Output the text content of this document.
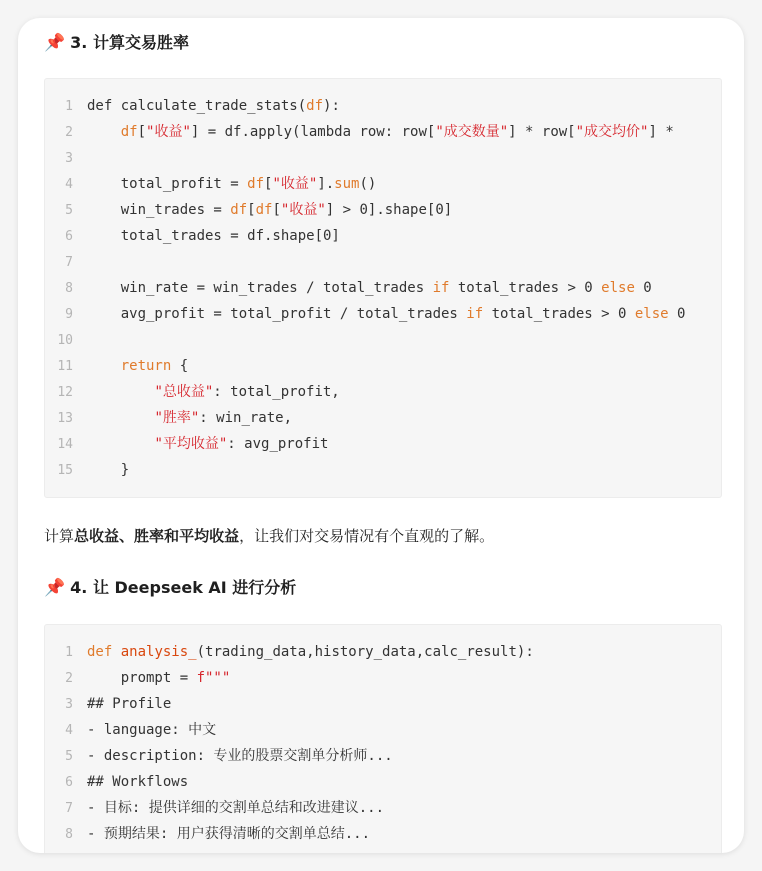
📌 3. 计算交易胜率
1 def calculate_trade_stats(df):
2	df["收益"] = df.apply(lambda row: row["成交数量"] * row["成交均价"] *
3
4    total_profit = df["收益"].sum()
5    win_trades = df[df["收益"] > 0].shape[0]
6    total_trades = df.shape[0]
7
8    win_rate = win_trades / total_trades if total_trades > 0 else 0
9    avg_profit = total_profit / total_trades if total_trades > 0 else 0
10
11	return {
12	"总收益": total_profit,
13	"胜率": win_rate,
14	"平均收益": avg_profit
15    }
计算总收益、胜率和平均收益，让我们对交易情况有个直观的了解。
📌 4. 让 Deepseek AI 进行分析
1 def analysis_(trading_data,history_data,calc_result):
2    prompt = f"""
3 ## Profile
4 - language: 中文
5 - description: 专业的股票交割单分析师...
6 ## Workflows
7 - 目标: 提供详细的交割单总结和改进建议...
8 - 预期结果: 用户获得清晰的交割单总结...
